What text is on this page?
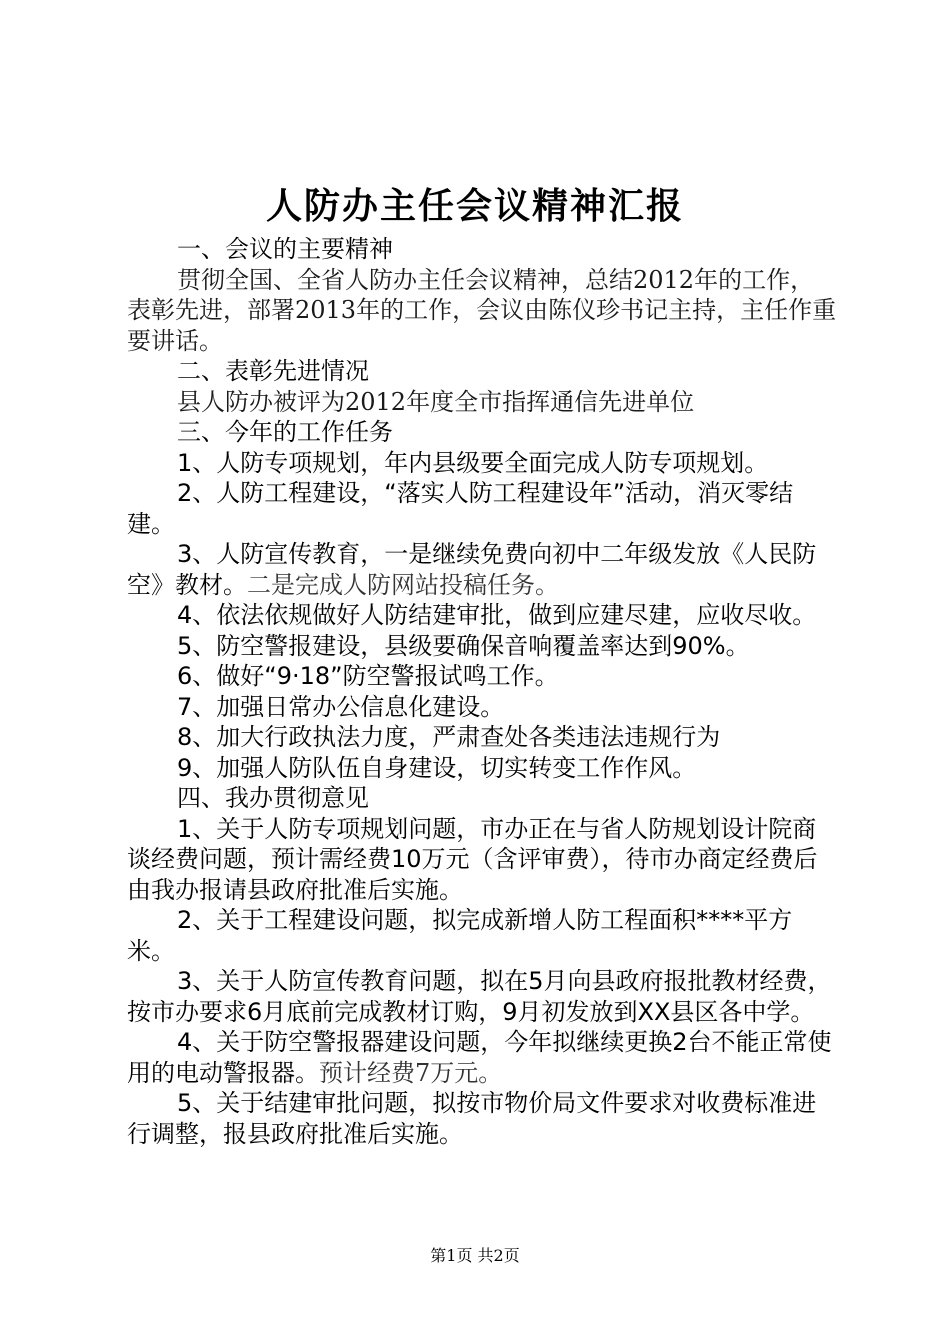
人防办主任会议精神汇报

一、会议的主要精神

贯彻全国、全省人防办主任会议精神，总结2012年的工作，表彰先进，部署2013年的工作，会议由陈仪珍书记主持，主任作重要讲话。

二、表彰先进情况

县人防办被评为2012年度全市指挥通信先进单位

三、今年的工作任务

1、人防专项规划，年内县级要全面完成人防专项规划。

2、人防工程建设，“落实人防工程建设年”活动，消灭零结建。

3、人防宣传教育，一是继续免费向初中二年级发放《人民防空》教材。二是完成人防网站投稿任务。

4、依法依规做好人防结建审批，做到应建尽建，应收尽收。

5、防空警报建设，县级要确保音响覆盖率达到90%。

6、做好“9·18”防空警报试鸣工作。

7、加强日常办公信息化建设。

8、加大行政执法力度，严肃查处各类违法违规行为

9、加强人防队伍自身建设，切实转变工作作风。

四、我办贯彻意见

1、关于人防专项规划问题，市办正在与省人防规划设计院商谈经费问题，预计需经费10万元（含评审费），待市办商定经费后由我办报请县政府批准后实施。

2、关于工程建设问题，拟完成新增人防工程面积****平方米。

3、关于人防宣传教育问题，拟在5月向县政府报批教材经费，按市办要求6月底前完成教材订购，9月初发放到XX县区各中学。

4、关于防空警报器建设问题，今年拟继续更换2台不能正常使用的电动警报器。预计经费7万元。

5、关于结建审批问题，拟按市物价局文件要求对收费标准进行调整，报县政府批准后实施。

第1页 共2页
